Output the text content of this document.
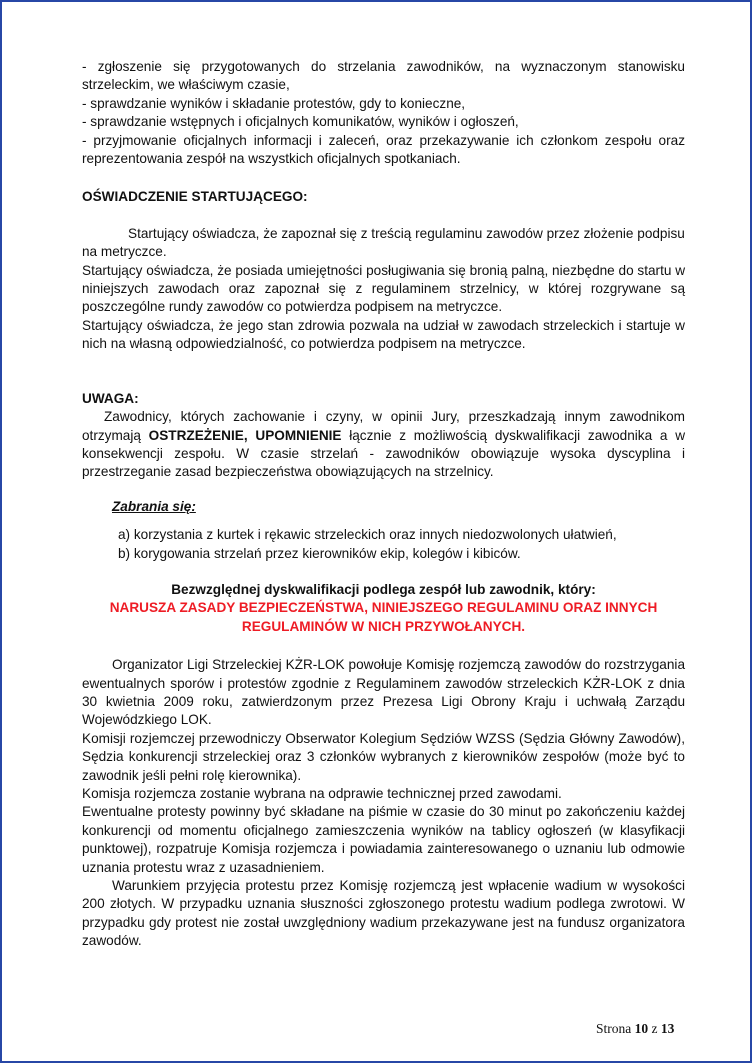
- zgłoszenie się przygotowanych do strzelania zawodników, na wyznaczonym stanowisku strzeleckim, we właściwym czasie,

- sprawdzanie wyników i składanie protestów, gdy to konieczne,

- sprawdzanie wstępnych i oficjalnych komunikatów, wyników i ogłoszeń,

- przyjmowanie oficjalnych informacji i zaleceń, oraz przekazywanie ich członkom zespołu oraz reprezentowania zespół na wszystkich oficjalnych spotkaniach.

OŚWIADCZENIE STARTUJĄCEGO:

Startujący oświadcza, że zapoznał się z treścią regulaminu zawodów przez złożenie podpisu na metryczce.

Startujący oświadcza, że posiada umiejętności posługiwania się bronią palną, niezbędne do startu w niniejszych zawodach oraz zapoznał się z regulaminem strzelnicy, w której rozgrywane są poszczególne rundy zawodów co potwierdza podpisem na metryczce.

Startujący oświadcza, że jego stan zdrowia pozwala na udział w zawodach strzeleckich i startuje w nich na własną odpowiedzialność, co potwierdza podpisem na metryczce.

UWAGA:

Zawodnicy, których zachowanie i czyny, w opinii Jury, przeszkadzają innym zawodnikom otrzymają OSTRZEŻENIE, UPOMNIENIE łącznie z możliwością dyskwalifikacji zawodnika a w konsekwencji zespołu. W czasie strzelań - zawodników obowiązuje wysoka dyscyplina i przestrzeganie zasad bezpieczeństwa obowiązujących na strzelnicy.

Zabrania się:

a) korzystania z kurtek i rękawic strzeleckich oraz innych niedozwolonych ułatwień,

b) korygowania strzelań przez kierowników ekip, kolegów i kibiców.

Bezwzględnej dyskwalifikacji podlega zespół lub zawodnik, który:

NARUSZA ZASADY BEZPIECZEŃSTWA, NINIEJSZEGO REGULAMINU ORAZ INNYCH

REGULAMINÓW W NICH PRZYWOŁANYCH.

Organizator Ligi Strzeleckiej KŻR-LOK powołuje Komisję rozjemczą zawodów do rozstrzygania ewentualnych sporów i protestów zgodnie z Regulaminem zawodów strzeleckich KŻR-LOK z dnia 30 kwietnia 2009 roku, zatwierdzonym przez Prezesa Ligi Obrony Kraju i uchwałą Zarządu Wojewódzkiego LOK.

Komisji rozjemczej przewodniczy Obserwator Kolegium Sędziów WZSS (Sędzia Główny Zawodów), Sędzia konkurencji strzeleckiej oraz 3 członków wybranych z kierowników zespołów (może być to zawodnik jeśli pełni rolę kierownika).

Komisja rozjemcza zostanie wybrana na odprawie technicznej przed zawodami.

Ewentualne protesty powinny być składane na piśmie w czasie do 30 minut po zakończeniu każdej konkurencji od momentu oficjalnego zamieszczenia wyników na tablicy ogłoszeń (w klasyfikacji punktowej), rozpatruje Komisja rozjemcza i powiadamia zainteresowanego o uznaniu lub odmowie uznania protestu wraz z uzasadnieniem.

Warunkiem przyjęcia protestu przez Komisję rozjemczą jest wpłacenie wadium w wysokości 200 złotych. W przypadku uznania słuszności zgłoszonego protestu wadium podlega zwrotowi. W przypadku gdy protest nie został uwzględniony wadium przekazywane jest na fundusz organizatora zawodów.

Strona 10 z 13
